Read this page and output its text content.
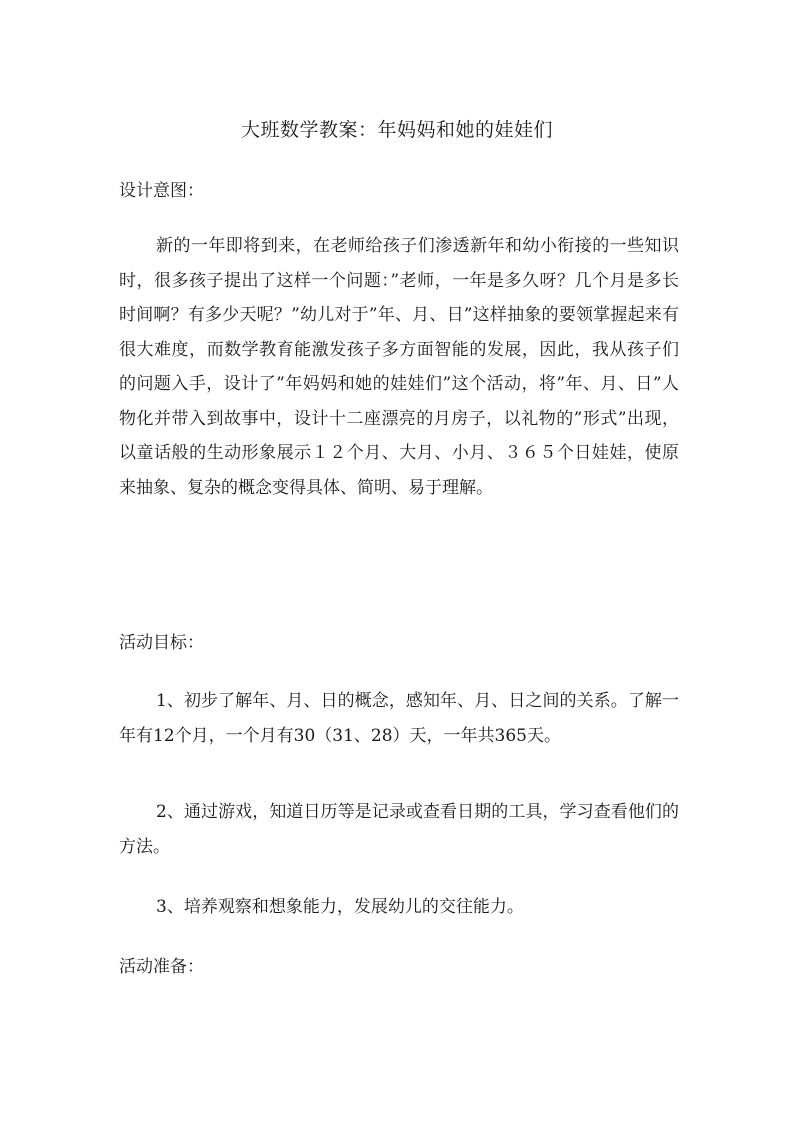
大班数学教案：年妈妈和她的娃娃们
设计意图：

新的一年即将到来，在老师给孩子们渗透新年和幼小衔接的一些知识时，很多孩子提出了这样一个问题：”老师，一年是多久呀？几个月是多长时间啊？有多少天呢？”幼儿对于”年、月、日”这样抽象的要领掌握起来有很大难度，而数学教育能激发孩子多方面智能的发展，因此，我从孩子们的问题入手，设计了”年妈妈和她的娃娃们”这个活动，将”年、月、日”人物化并带入到故事中，设计十二座漂亮的月房子，以礼物的”形式”出现，以童话般的生动形象展示１２个月、大月、小月、３６５个日娃娃，使原来抽象、复杂的概念变得具体、简明、易于理解。

活动目标：

1、初步了解年、月、日的概念，感知年、月、日之间的关系。了解一年有12个月，一个月有30（31、28）天，一年共365天。

2、通过游戏，知道日历等是记录或查看日期的工具，学习查看他们的方法。

3、培养观察和想象能力，发展幼儿的交往能力。

活动准备：
